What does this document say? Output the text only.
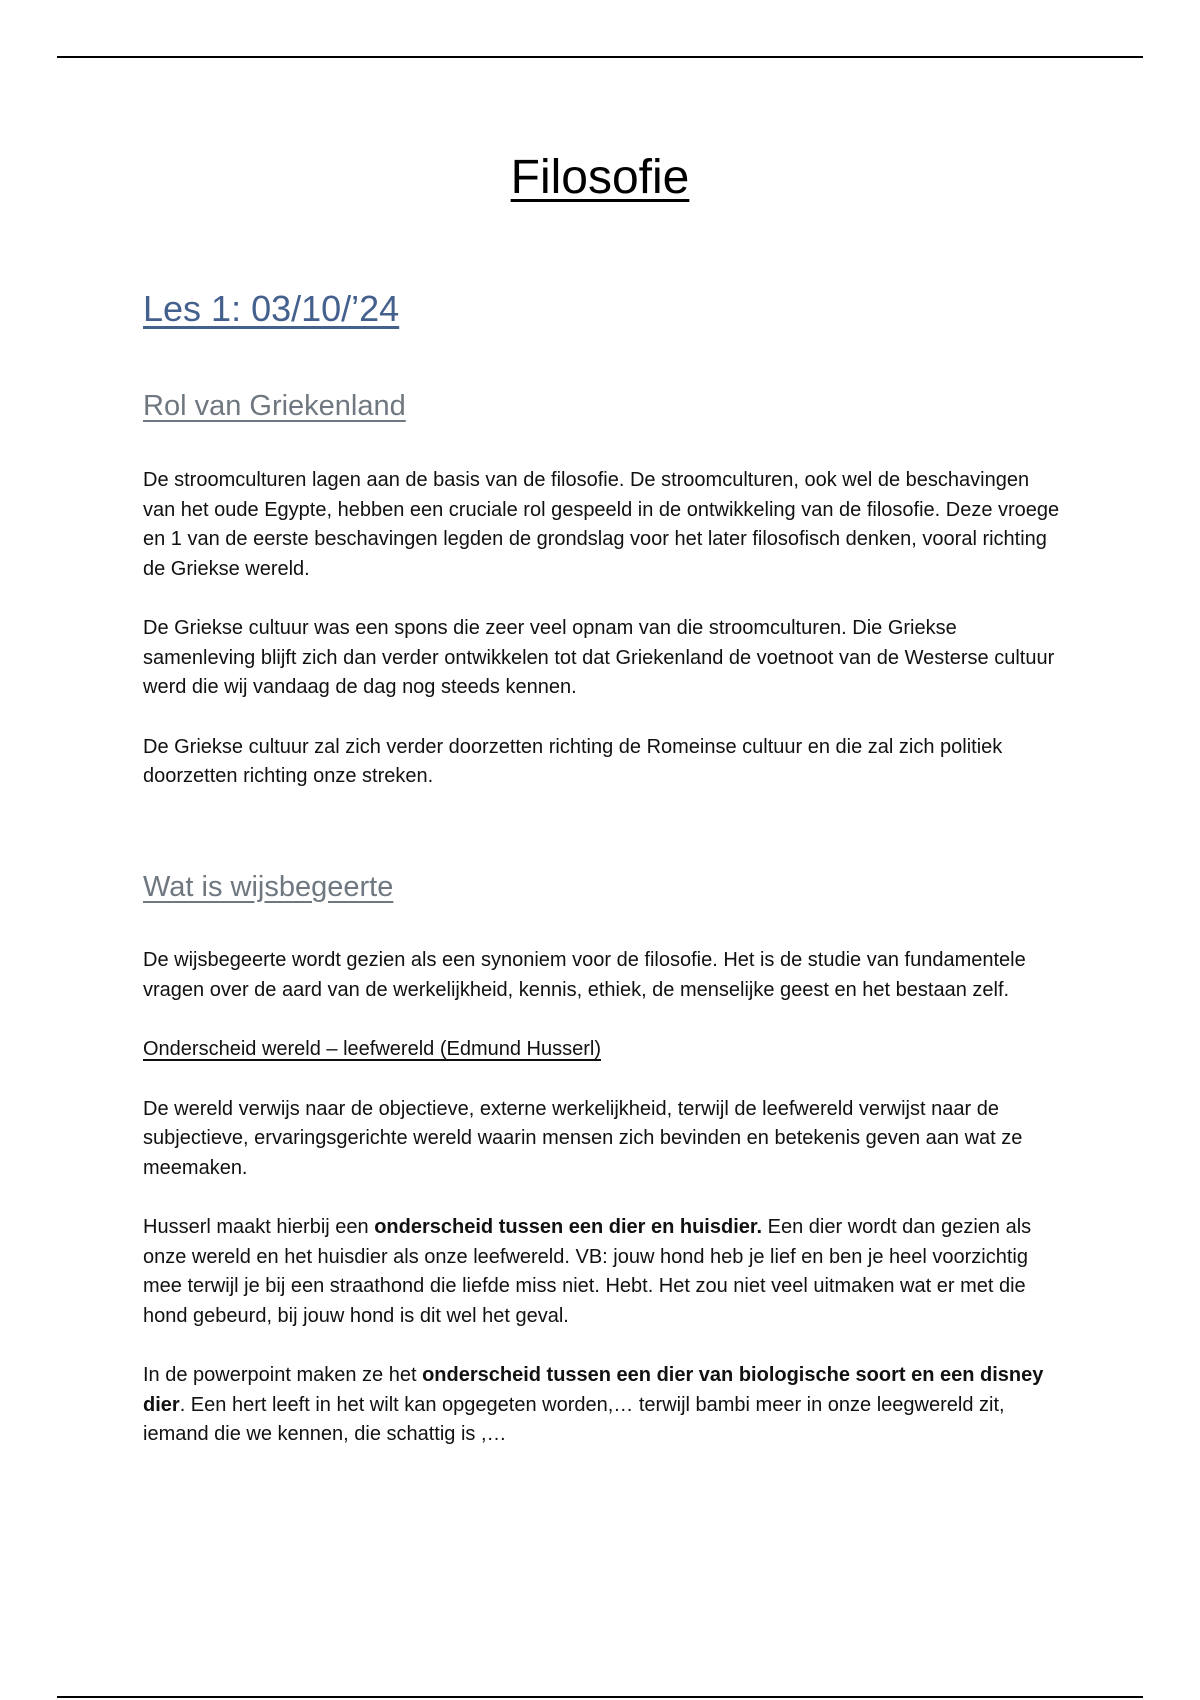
Filosofie
Les 1: 03/10/’24
Rol van Griekenland

De stroomculturen lagen aan de basis van de filosofie. De stroomculturen, ook wel de beschavingen van het oude Egypte, hebben een cruciale rol gespeeld in de ontwikkeling van de filosofie. Deze vroege en 1 van de eerste beschavingen legden de grondslag voor het later filosofisch denken, vooral richting de Griekse wereld.

De Griekse cultuur was een spons die zeer veel opnam van die stroomculturen. Die Griekse samenleving blijft zich dan verder ontwikkelen tot dat Griekenland de voetnoot van de Westerse cultuur werd die wij vandaag de dag nog steeds kennen.

De Griekse cultuur zal zich verder doorzetten richting de Romeinse cultuur en die zal zich politiek doorzetten richting onze streken.

Wat is wijsbegeerte

De wijsbegeerte wordt gezien als een synoniem voor de filosofie. Het is de studie van fundamentele vragen over de aard van de werkelijkheid, kennis, ethiek, de menselijke geest en het bestaan zelf.

Onderscheid wereld – leefwereld (Edmund Husserl)

De wereld verwijs naar de objectieve, externe werkelijkheid, terwijl de leefwereld verwijst naar de subjectieve, ervaringsgerichte wereld waarin mensen zich bevinden en betekenis geven aan wat ze meemaken.

Husserl maakt hierbij een onderscheid tussen een dier en huisdier. Een dier wordt dan gezien als onze wereld en het huisdier als onze leefwereld. VB: jouw hond heb je lief en ben je heel voorzichtig mee terwijl je bij een straathond die liefde miss niet. Hebt. Het zou niet veel uitmaken wat er met die hond gebeurd, bij jouw hond is dit wel het geval.

In de powerpoint maken ze het onderscheid tussen een dier van biologische soort en een disney dier. Een hert leeft in het wilt kan opgegeten worden,… terwijl bambi meer in onze leegwereld zit, iemand die we kennen, die schattig is ,…
